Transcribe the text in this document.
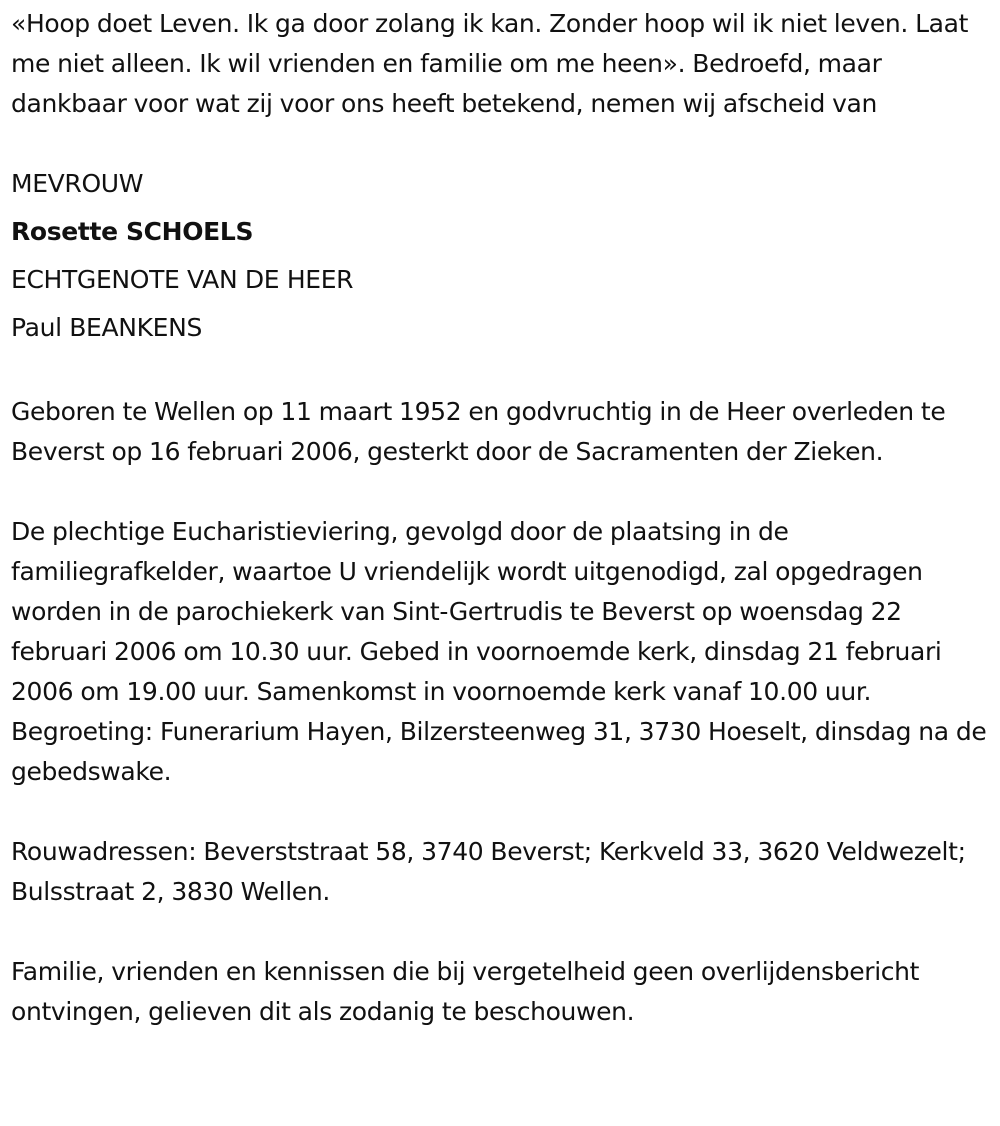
«Hoop doet Leven. Ik ga door zolang ik kan. Zonder hoop wil ik niet leven. Laat me niet alleen. Ik wil vrienden en familie om me heen». Bedroefd, maar dankbaar voor wat zij voor ons heeft betekend, nemen wij afscheid van

MEVROUW
Rosette SCHOELS
ECHTGENOTE VAN DE HEER
Paul BEANKENS

Geboren te Wellen op 11 maart 1952 en godvruchtig in de Heer overleden te Beverst op 16 februari 2006, gesterkt door de Sacramenten der Zieken.

De plechtige Eucharistieviering, gevolgd door de plaatsing in de familiegrafkelder, waartoe U vriendelijk wordt uitgenodigd, zal opgedragen worden in de parochiekerk van Sint-Gertrudis te Beverst op woensdag 22 februari 2006 om 10.30 uur. Gebed in voornoemde kerk, dinsdag 21 februari 2006 om 19.00 uur. Samenkomst in voornoemde kerk vanaf 10.00 uur. Begroeting: Funerarium Hayen, Bilzersteenweg 31, 3730 Hoeselt, dinsdag na de gebedswake.

Rouwadressen: Beverststraat 58, 3740 Beverst; Kerkveld 33, 3620 Veldwezelt; Bulsstraat 2, 3830 Wellen.

Familie, vrienden en kennissen die bij vergetelheid geen overlijdensbericht ontvingen, gelieven dit als zodanig te beschouwen.
